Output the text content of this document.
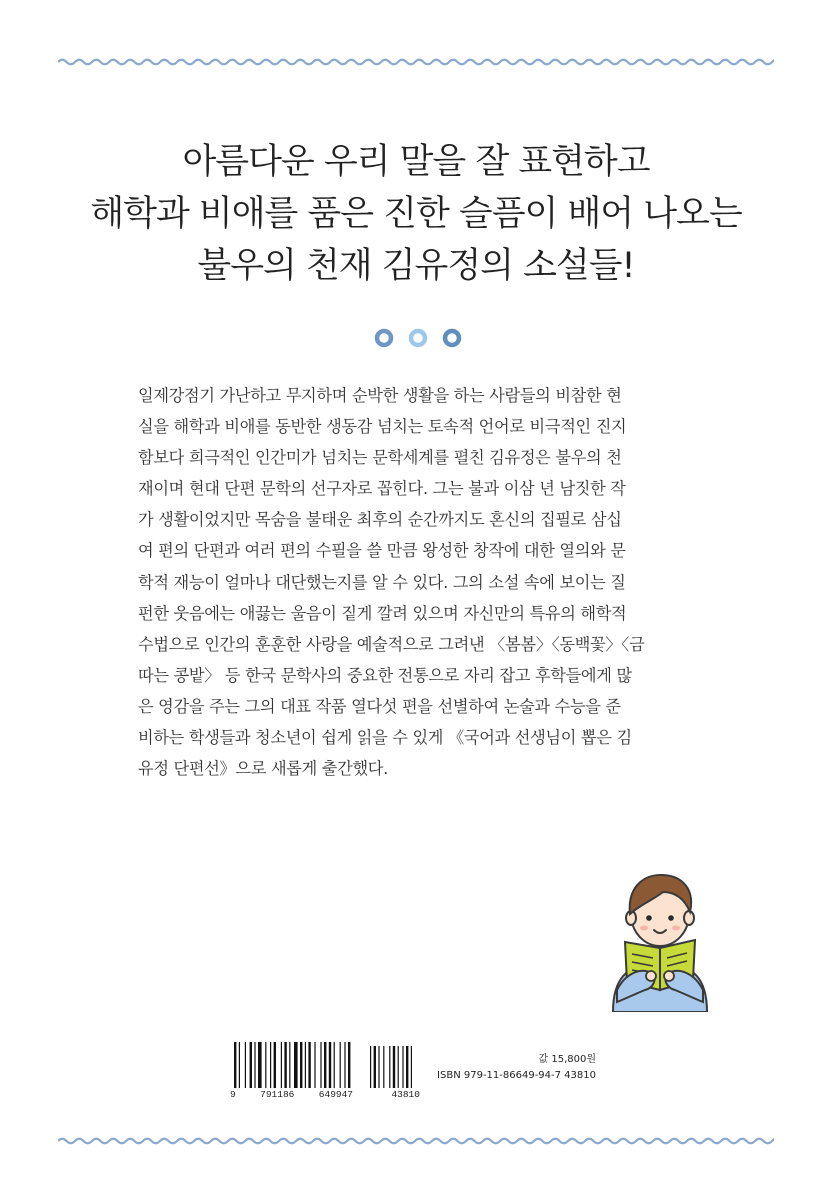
아름다운 우리 말을 잘 표현하고
해학과 비애를 품은 진한 슬픔이 배어 나오는
불우의 천재 김유정의 소설들!
일제강점기 가난하고 무지하며 순박한 생활을 하는 사람들의 비참한 현
실을 해학과 비애를 동반한 생동감 넘치는 토속적 언어로 비극적인 진지
함보다 희극적인 인간미가 넘치는 문학세계를 펼친 김유정은 불우의 천
재이며 현대 단편 문학의 선구자로 꼽힌다. 그는 불과 이삼 년 남짓한 작
가 생활이었지만 목숨을 불태운 최후의 순간까지도 혼신의 집필로 삼십
여 편의 단편과 여러 편의 수필을 쓸 만큼 왕성한 창작에 대한 열의와 문
학적 재능이 얼마나 대단했는지를 알 수 있다. 그의 소설 속에 보이는 질
펀한 웃음에는 애끓는 울음이 짙게 깔려 있으며 자신만의 특유의 해학적
수법으로 인간의 훈훈한 사랑을 예술적으로 그려낸 〈봄봄〉〈동백꽃〉〈금
따는 콩밭〉 등 한국 문학사의 중요한 전통으로 자리 잡고 후학들에게 많
은 영감을 주는 그의 대표 작품 열다섯 편을 선별하여 논술과 수능을 준
비하는 학생들과 청소년이 쉽게 읽을 수 있게 《국어과 선생님이 뽑은 김
유정 단편선》으로 새롭게 출간했다.
9	791186	649947	43810
값 15,800원
ISBN 979-11-86649-94-7 43810
